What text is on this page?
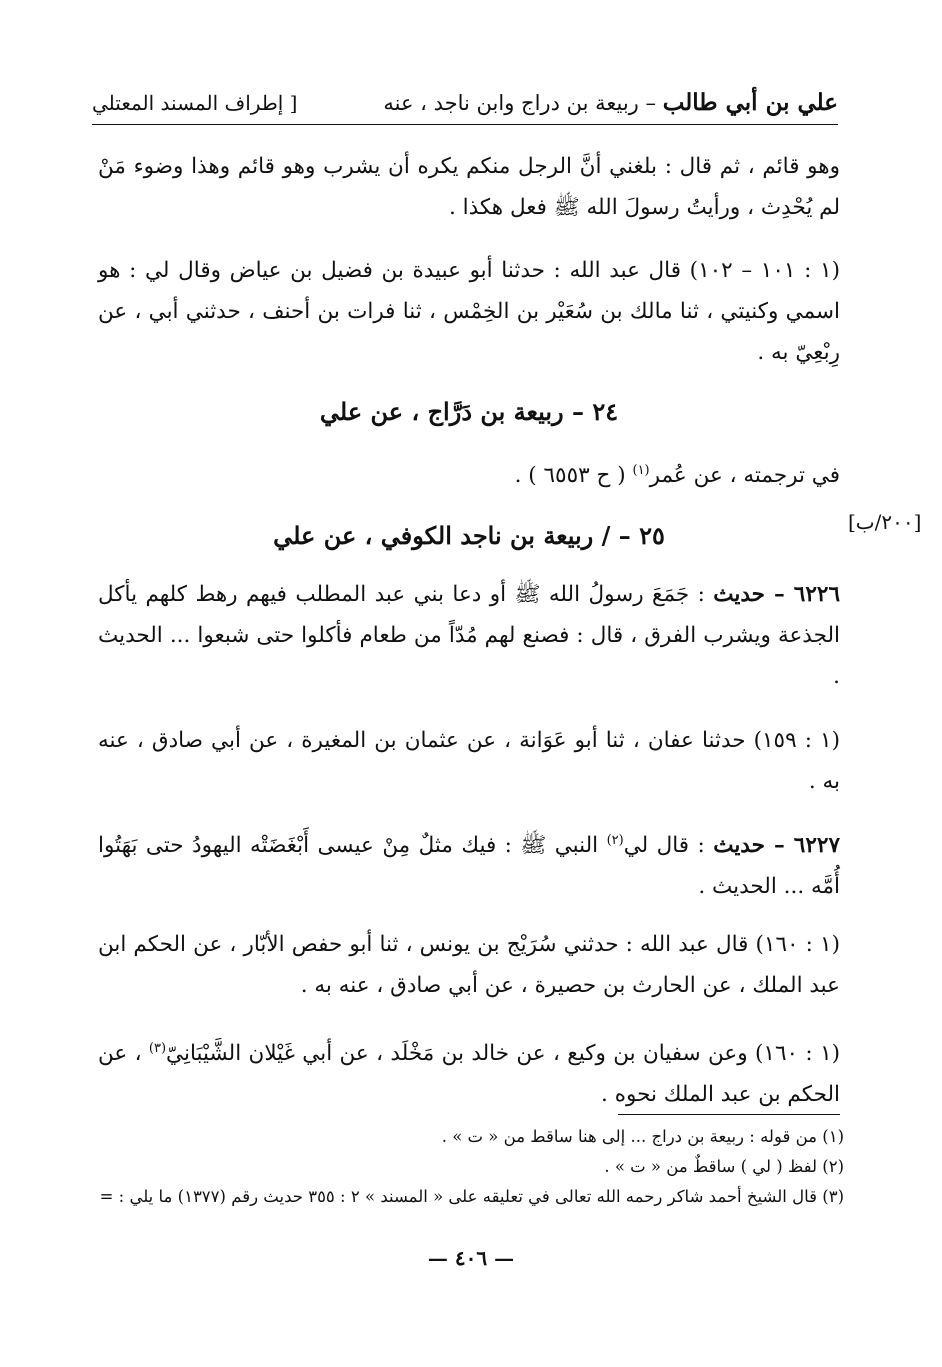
علي بن أبي طالب – ربيعة بن دراج وابن ناجد ، عنه
[ إطراف المسند المعتلي
وهو قائم ، ثم قال : بلغني أنَّ الرجل منكم يكره أن يشرب وهو قائم وهذا وضوء مَنْ لم يُحْدِث ، ورأيتُ رسولَ الله ﷺ فعل هكذا .
(١ : ١٠١ – ١٠٢) قال عبد الله : حدثنا أبو عبيدة بن فضيل بن عياض وقال لي : هو اسمي وكنيتي ، ثنا مالك بن سُعَيْر بن الخِمْس ، ثنا فرات بن أحنف ، حدثني أبي ، عن رِبْعِيّ به .
٢٤ – ربيعة بن دَرَّاج ، عن علي
في ترجمته ، عن عُمر$^{(١)}$ ( ح ٦٥٥٣ ) .
[٢٠٠/ب]
٢٥ – / ربيعة بن ناجد الكوفي ، عن علي
٦٢٢٦ – حديث : جَمَعَ رسولُ الله ﷺ أو دعا بني عبد المطلب فيهم رهط كلهم يأكل الجذعة ويشرب الفرق ، قال : فصنع لهم مُدّاً من طعام فأكلوا حتى شبعوا ... الحديث .
(١ : ١٥٩) حدثنا عفان ، ثنا أبو عَوَانة ، عن عثمان بن المغيرة ، عن أبي صادق ، عنه به .
٦٢٢٧ – حديث : قال لي$^{(٢)}$ النبي ﷺ : فيك مثلٌ مِنْ عيسى أَبْغَضَتْه اليهودُ حتى بَهَتُوا أُمَّه ... الحديث .
(١ : ١٦٠) قال عبد الله : حدثني سُرَيْج بن يونس ، ثنا أبو حفص الأبّار ، عن الحكم ابن عبد الملك ، عن الحارث بن حصيرة ، عن أبي صادق ، عنه به .
(١ : ١٦٠) وعن سفيان بن وكيع ، عن خالد بن مَخْلَد ، عن أبي غَيْلان الشَّيْبَانِيّ$^{(٣)}$ ، عن الحكم بن عبد الملك نحوه .
(١) من قوله : ربيعة بن دراج ... إلى هنا ساقط من « ت » .
(٢) لفظ ( لي ) ساقطٌ من « ت » .
(٣) قال الشيخ أحمد شاكر رحمه الله تعالى في تعليقه على « المسند » ٢ : ٣٥٥ حديث رقم (١٣٧٧) ما يلي : =
— ٤٠٦ —
